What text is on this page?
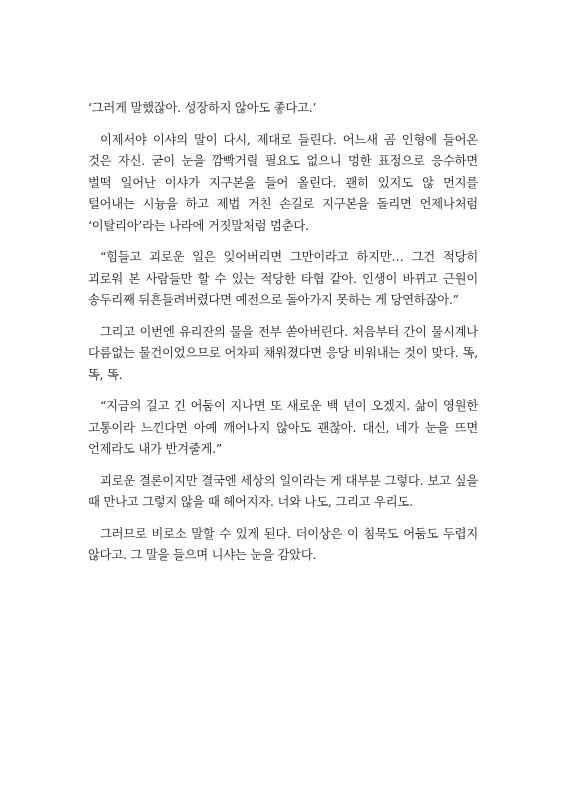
‘그러게 말했잖아. 성장하지 않아도 좋다고.’

이제서야 이샤의 말이 다시, 제대로 들린다. 어느새 곰 인형에 들어온 것은 자신. 굳이 눈을 깜빡거릴 필요도 없으니 멍한 표정으로 응수하면 벌떡 일어난 이샤가 지구본을 들어 올린다. 괜히 있지도 않 먼지를 털어내는 시늉을 하고 제법 거친 손길로 지구본을 돌리면 언제나처럼 ‘이탈리아’라는 나라에 거짓말처럼 멈춘다.

“힘들고 괴로운 일은 잊어버리면 그만이라고 하지만… 그건 적당히 괴로워 본 사람들만 할 수 있는 적당한 타협 같아. 인생이 바뀌고 근원이 송두리째 뒤흔들려버렸다면 예전으로 돌아가지 못하는 게 당연하잖아.”

그리고 이번엔 유리잔의 물을 전부 쏟아버린다. 처음부터 간이 물시계나 다름없는 물건이었으므로 어차피 채워졌다면 응당 비워내는 것이 맞다. 똑, 똑, 똑.

“지금의 길고 긴 어둠이 지나면 또 새로운 백 년이 오겠지. 삶이 영원한 고통이라 느낀다면 아예 깨어나지 않아도 괜찮아. 대신, 네가 눈을 뜨면 언제라도 내가 반겨줄게.”

괴로운 결론이지만 결국엔 세상의 일이라는 게 대부분 그렇다. 보고 싶을 때 만나고 그렇지 않을 때 헤어지자. 너와 나도, 그리고 우리도.

그러므로 비로소 말할 수 있게 된다. 더이상은 이 침묵도 어둠도 두렵지 않다고. 그 말을 들으며 니샤는 눈을 감았다.
